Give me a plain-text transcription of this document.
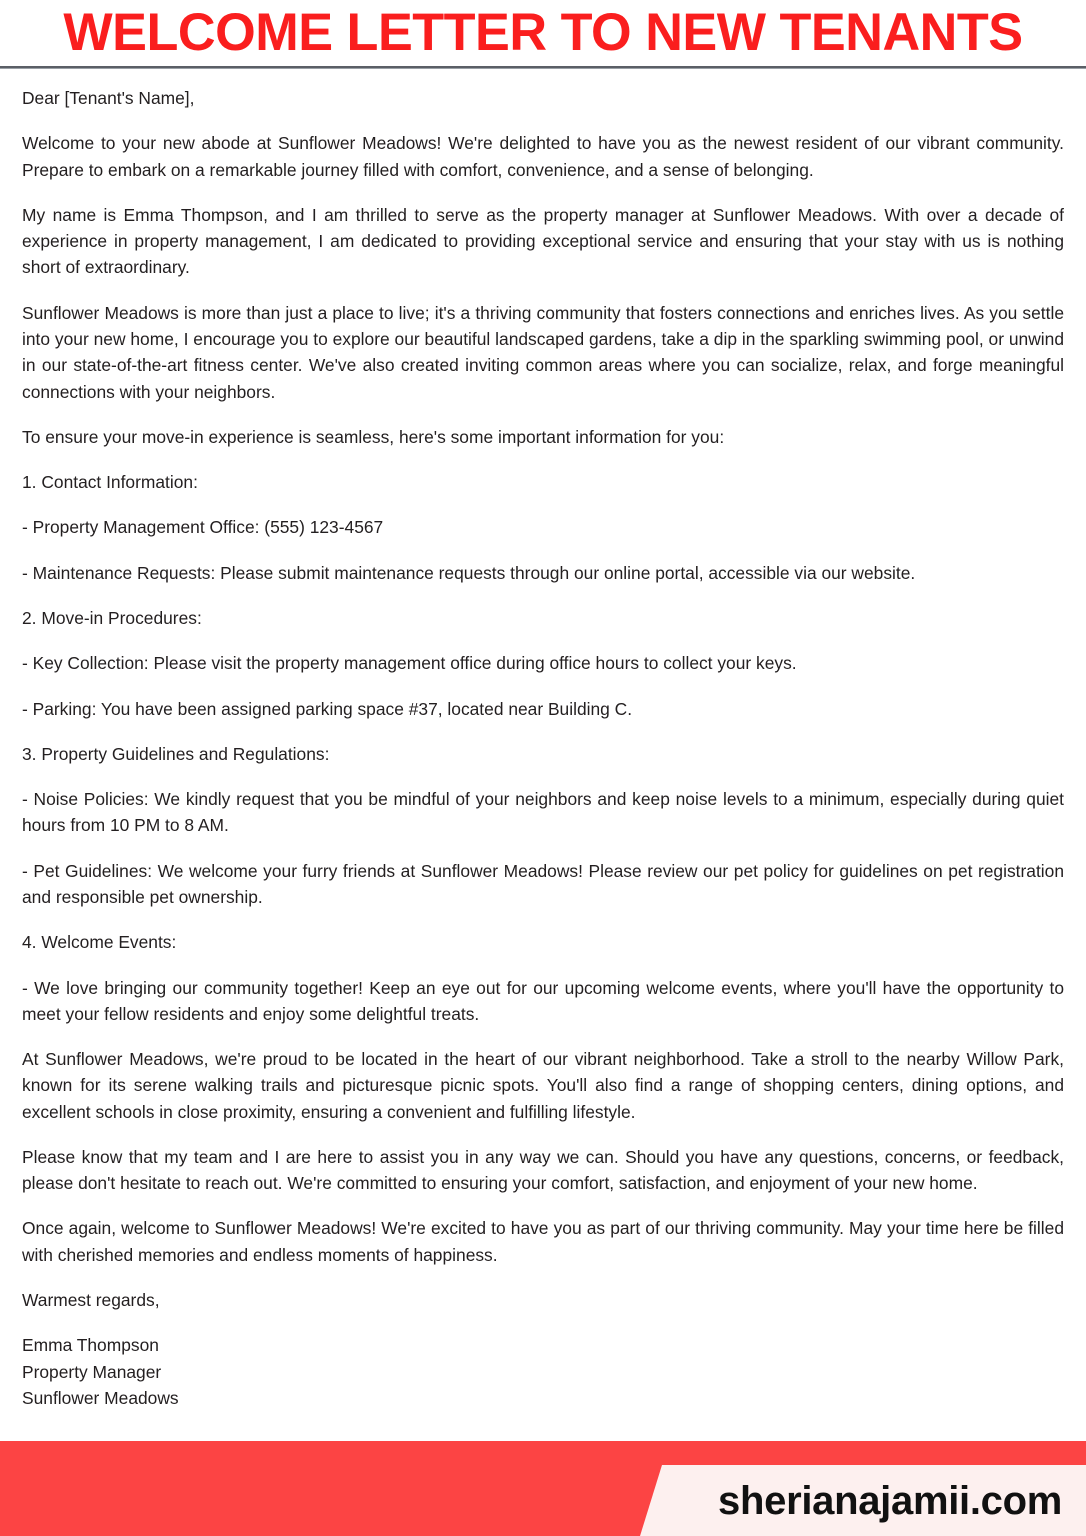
WELCOME LETTER TO NEW TENANTS

Dear [Tenant's Name],

Welcome to your new abode at Sunflower Meadows! We're delighted to have you as the newest resident of our vibrant community. Prepare to embark on a remarkable journey filled with comfort, convenience, and a sense of belonging.

My name is Emma Thompson, and I am thrilled to serve as the property manager at Sunflower Meadows. With over a decade of experience in property management, I am dedicated to providing exceptional service and ensuring that your stay with us is nothing short of extraordinary.

Sunflower Meadows is more than just a place to live; it's a thriving community that fosters connections and enriches lives. As you settle into your new home, I encourage you to explore our beautiful landscaped gardens, take a dip in the sparkling swimming pool, or unwind in our state-of-the-art fitness center. We've also created inviting common areas where you can socialize, relax, and forge meaningful connections with your neighbors.

To ensure your move-in experience is seamless, here's some important information for you:

1. Contact Information:

- Property Management Office: (555) 123-4567

- Maintenance Requests: Please submit maintenance requests through our online portal, accessible via our website.

2. Move-in Procedures:

- Key Collection: Please visit the property management office during office hours to collect your keys.

- Parking: You have been assigned parking space #37, located near Building C.

3. Property Guidelines and Regulations:

- Noise Policies: We kindly request that you be mindful of your neighbors and keep noise levels to a minimum, especially during quiet hours from 10 PM to 8 AM.

- Pet Guidelines: We welcome your furry friends at Sunflower Meadows! Please review our pet policy for guidelines on pet registration and responsible pet ownership.

4. Welcome Events:

- We love bringing our community together! Keep an eye out for our upcoming welcome events, where you'll have the opportunity to meet your fellow residents and enjoy some delightful treats.

At Sunflower Meadows, we're proud to be located in the heart of our vibrant neighborhood. Take a stroll to the nearby Willow Park, known for its serene walking trails and picturesque picnic spots. You'll also find a range of shopping centers, dining options, and excellent schools in close proximity, ensuring a convenient and fulfilling lifestyle.

Please know that my team and I are here to assist you in any way we can. Should you have any questions, concerns, or feedback, please don't hesitate to reach out. We're committed to ensuring your comfort, satisfaction, and enjoyment of your new home.

Once again, welcome to Sunflower Meadows! We're excited to have you as part of our thriving community. May your time here be filled with cherished memories and endless moments of happiness.

Warmest regards,

Emma Thompson

Property Manager

Sunflower Meadows

sherianajamii.com
